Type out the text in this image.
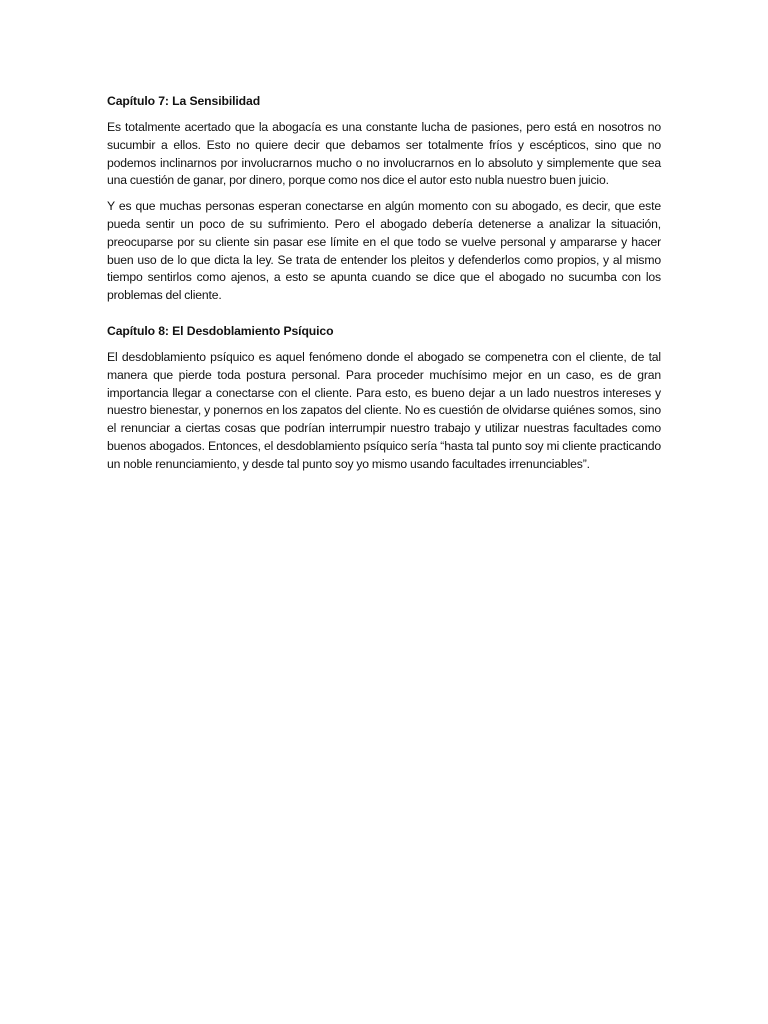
Capítulo 7: La Sensibilidad

Es totalmente acertado que la abogacía es una constante lucha de pasiones, pero está en nosotros no sucumbir a ellos. Esto no quiere decir que debamos ser totalmente fríos y escépticos, sino que no podemos inclinarnos por involucrarnos mucho o no involucrarnos en lo absoluto y simplemente que sea una cuestión de ganar, por dinero, porque como nos dice el autor esto nubla nuestro buen juicio.

Y es que muchas personas esperan conectarse en algún momento con su abogado, es decir, que este pueda sentir un poco de su sufrimiento. Pero el abogado debería detenerse a analizar la situación, preocuparse por su cliente sin pasar ese límite en el que todo se vuelve personal y ampararse y hacer buen uso de lo que dicta la ley. Se trata de entender los pleitos y defenderlos como propios, y al mismo tiempo sentirlos como ajenos, a esto se apunta cuando se dice que el abogado no sucumba con los problemas del cliente.

Capítulo 8: El Desdoblamiento Psíquico

El desdoblamiento psíquico es aquel fenómeno donde el abogado se compenetra con el cliente, de tal manera que pierde toda postura personal. Para proceder muchísimo mejor en un caso, es de gran importancia llegar a conectarse con el cliente. Para esto, es bueno dejar a un lado nuestros intereses y nuestro bienestar, y ponernos en los zapatos del cliente. No es cuestión de olvidarse quiénes somos, sino el renunciar a ciertas cosas que podrían interrumpir nuestro trabajo y utilizar nuestras facultades como buenos abogados. Entonces, el desdoblamiento psíquico sería “hasta tal punto soy mi cliente practicando un noble renunciamiento, y desde tal punto soy yo mismo usando facultades irrenunciables”.
